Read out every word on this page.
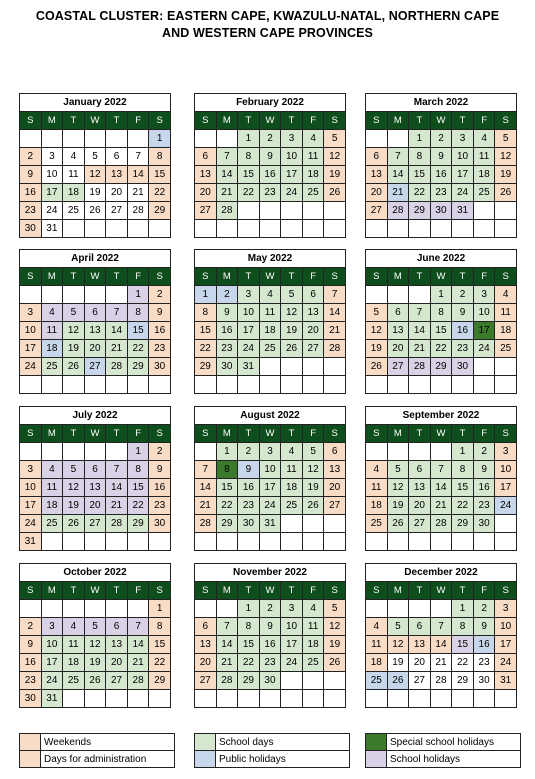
COASTAL CLUSTER: EASTERN CAPE, KWAZULU-NATAL, NORTHERN CAPE
AND WESTERN CAPE PROVINCES
January 2022						
S	M	T	W	T	F	S
						1
2	3	4	5	6	7	8
9	10	11	12	13	14	15
16	17	18	19	20	21	22
23	24	25	26	27	28	29
30	31					
February 2022						
S	M	T	W	T	F	S
		1	2	3	4	5
6	7	8	9	10	11	12
13	14	15	16	17	18	19
20	21	22	23	24	25	26
27	28					

March 2022						
S	M	T	W	T	F	S
		1	2	3	4	5
6	7	8	9	10	11	12
13	14	15	16	17	18	19
20	21	22	23	24	25	26
27	28	29	30	31		

April 2022						
S	M	T	W	T	F	S
					1	2
3	4	5	6	7	8	9
10	11	12	13	14	15	16
17	18	19	20	21	22	23
24	25	26	27	28	29	30

May 2022						
S	M	T	W	T	F	S
1	2	3	4	5	6	7
8	9	10	11	12	13	14
15	16	17	18	19	20	21
22	23	24	25	26	27	28
29	30	31				

June 2022						
S	M	T	W	T	F	S
			1	2	3	4
5	6	7	8	9	10	11
12	13	14	15	16	17	18
19	20	21	22	23	24	25
26	27	28	29	30		

July 2022						
S	M	T	W	T	F	S
					1	2
3	4	5	6	7	8	9
10	11	12	13	14	15	16
17	18	19	20	21	22	23
24	25	26	27	28	29	30
31						
August 2022						
S	M	T	W	T	F	S
	1	2	3	4	5	6
7	8	9	10	11	12	13
14	15	16	17	18	19	20
21	22	23	24	25	26	27
28	29	30	31			

September 2022						
S	M	T	W	T	F	S
				1	2	3
4	5	6	7	8	9	10
11	12	13	14	15	16	17
18	19	20	21	22	23	24
25	26	27	28	29	30	

October 2022						
S	M	T	W	T	F	S
						1
2	3	4	5	6	7	8
9	10	11	12	13	14	15
16	17	18	19	20	21	22
23	24	25	26	27	28	29
30	31					
November 2022						
S	M	T	W	T	F	S
		1	2	3	4	5
6	7	8	9	10	11	12
13	14	15	16	17	18	19
20	21	22	23	24	25	26
27	28	29	30			

December 2022						
S	M	T	W	T	F	S
				1	2	3
4	5	6	7	8	9	10
11	12	13	14	15	16	17
18	19	20	21	22	23	24
25	26	27	28	29	30	31

	Weekends
	Days for administration
	School days
	Public holidays
	Special school holidays
	School holidays
